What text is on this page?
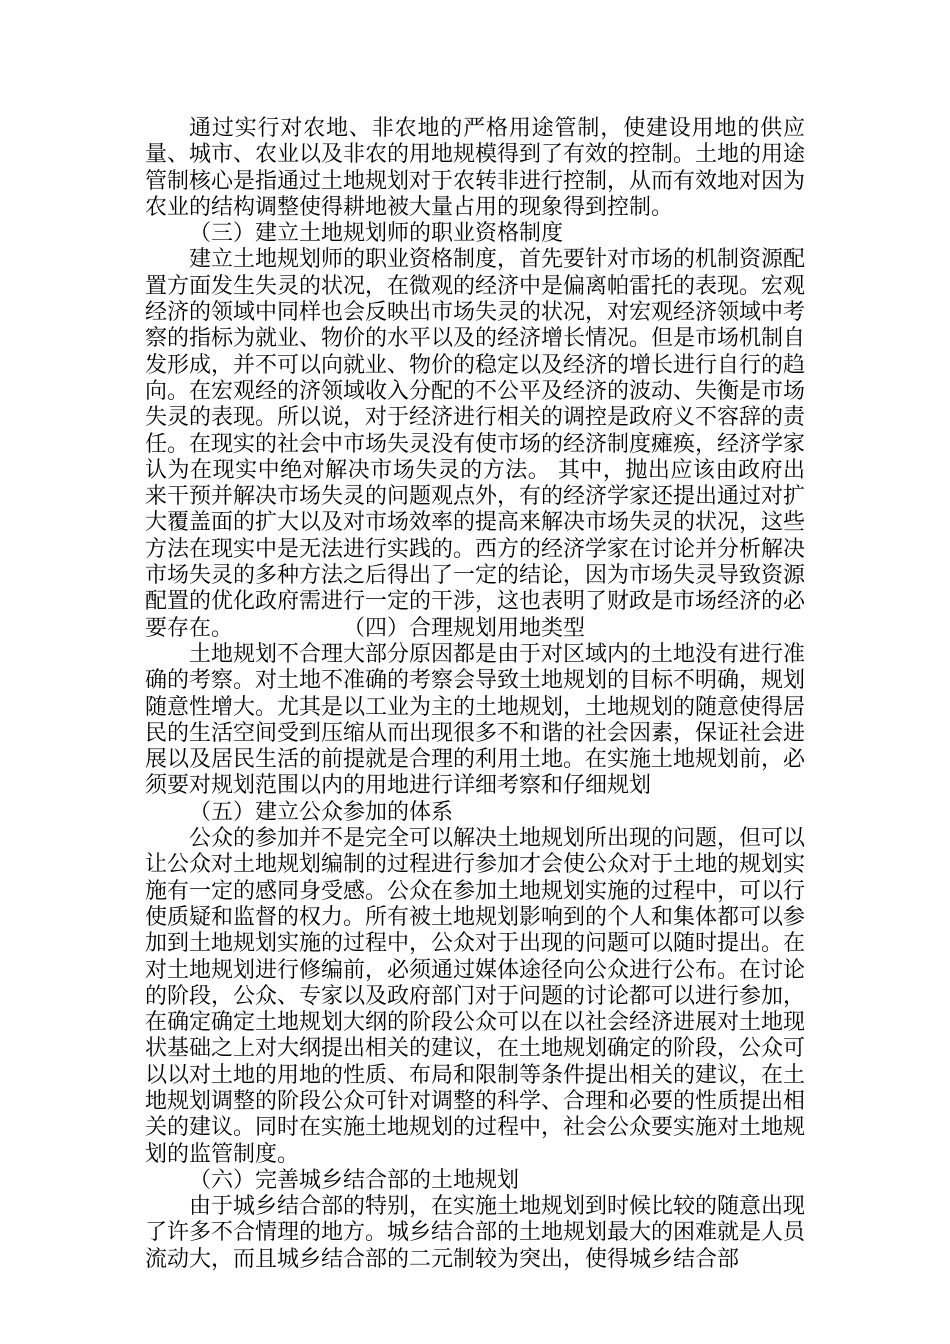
通过实行对农地、非农地的严格用途管制，使建设用地的供应量、城市、农业以及非农的用地规模得到了有效的控制。土地的用途管制核心是指通过土地规划对于农转非进行控制，从而有效地对因为农业的结构调整使得耕地被大量占用的现象得到控制。

（三）建立土地规划师的职业资格制度

建立土地规划师的职业资格制度，首先要针对市场的机制资源配置方面发生失灵的状况，在微观的经济中是偏离帕雷托的表现。宏观经济的领域中同样也会反映出市场失灵的状况，对宏观经济领域中考察的指标为就业、物价的水平以及的经济增长情况。但是市场机制自发形成，并不可以向就业、物价的稳定以及经济的增长进行自行的趋向。在宏观经的济领域收入分配的不公平及经济的波动、失衡是市场失灵的表现。所以说，对于经济进行相关的调控是政府义不容辞的责任。在现实的社会中市场失灵没有使市场的经济制度瘫痪，经济学家认为在现实中绝对解决市场失灵的方法。 其中，抛出应该由政府出来干预并解决市场失灵的问题观点外，有的经济学家还提出通过对扩大覆盖面的扩大以及对市场效率的提高来解决市场失灵的状况，这些方法在现实中是无法进行实践的。西方的经济学家在讨论并分析解决市场失灵的多种方法之后得出了一定的结论，因为市场失灵导致资源配置的优化政府需进行一定的干涉，这也表明了财政是市场经济的必要存在。　　　　　　（四）合理规划用地类型

土地规划不合理大部分原因都是由于对区域内的土地没有进行准确的考察。对土地不准确的考察会导致土地规划的目标不明确，规划随意性增大。尤其是以工业为主的土地规划，土地规划的随意使得居民的生活空间受到压缩从而出现很多不和谐的社会因素，保证社会进展以及居民生活的前提就是合理的利用土地。在实施土地规划前，必须要对规划范围以内的用地进行详细考察和仔细规划

（五）建立公众参加的体系

公众的参加并不是完全可以解决土地规划所出现的问题，但可以让公众对土地规划编制的过程进行参加才会使公众对于土地的规划实施有一定的感同身受感。公众在参加土地规划实施的过程中，可以行使质疑和监督的权力。所有被土地规划影响到的个人和集体都可以参加到土地规划实施的过程中，公众对于出现的问题可以随时提出。在对土地规划进行修编前，必须通过媒体途径向公众进行公布。在讨论的阶段，公众、专家以及政府部门对于问题的讨论都可以进行参加，在确定确定土地规划大纲的阶段公众可以在以社会经济进展对土地现状基础之上对大纲提出相关的建议，在土地规划确定的阶段，公众可以以对土地的用地的性质、布局和限制等条件提出相关的建议，在土地规划调整的阶段公众可针对调整的科学、合理和必要的性质提出相关的建议。同时在实施土地规划的过程中，社会公众要实施对土地规划的监管制度。

（六）完善城乡结合部的土地规划

由于城乡结合部的特别，在实施土地规划到时候比较的随意出现了许多不合情理的地方。城乡结合部的土地规划最大的困难就是人员流动大，而且城乡结合部的二元制较为突出，使得城乡结合部
